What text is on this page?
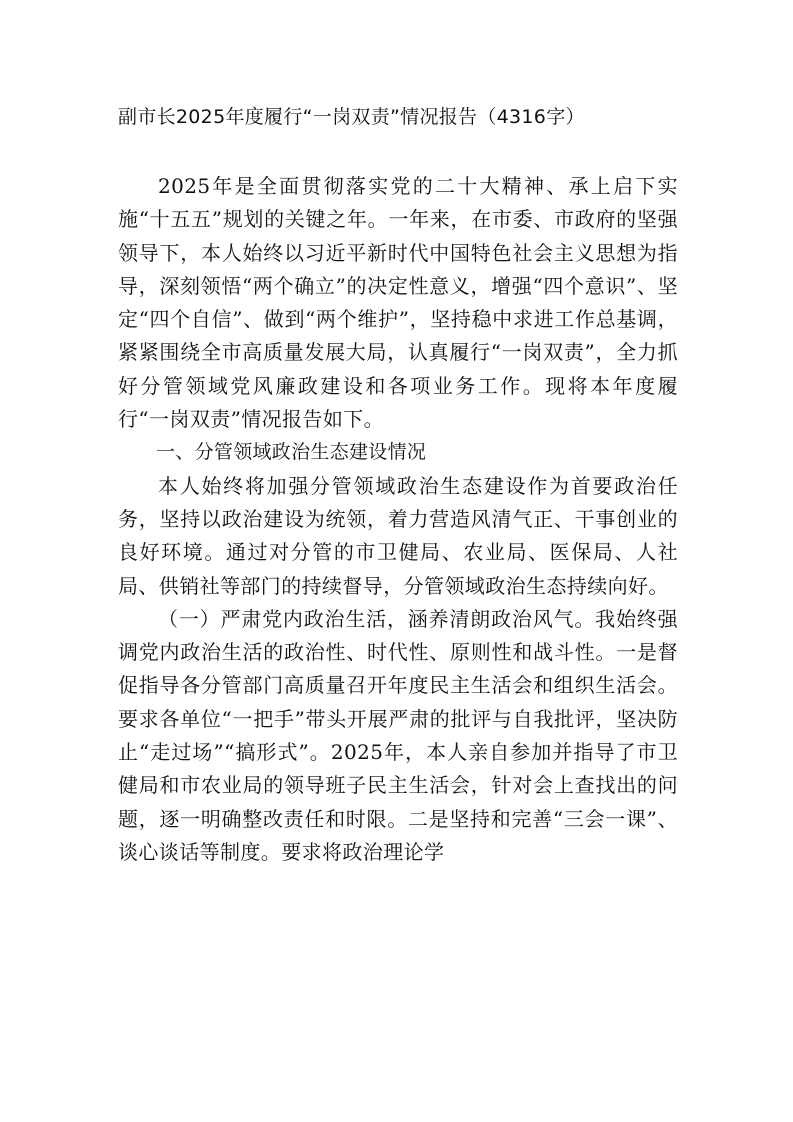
副市长2025年度履行“一岗双责”情况报告（4316字）

2025年是全面贯彻落实党的二十大精神、承上启下实施“十五五”规划的关键之年。一年来，在市委、市政府的坚强领导下，本人始终以习近平新时代中国特色社会主义思想为指导，深刻领悟“两个确立”的决定性意义，增强“四个意识”、坚定“四个自信”、做到“两个维护”，坚持稳中求进工作总基调，紧紧围绕全市高质量发展大局，认真履行“一岗双责”，全力抓好分管领域党风廉政建设和各项业务工作。现将本年度履行“一岗双责”情况报告如下。

一、分管领域政治生态建设情况

本人始终将加强分管领域政治生态建设作为首要政治任务，坚持以政治建设为统领，着力营造风清气正、干事创业的良好环境。通过对分管的市卫健局、农业局、医保局、人社局、供销社等部门的持续督导，分管领域政治生态持续向好。

（一）严肃党内政治生活，涵养清朗政治风气。我始终强调党内政治生活的政治性、时代性、原则性和战斗性。一是督促指导各分管部门高质量召开年度民主生活会和组织生活会。要求各单位“一把手”带头开展严肃的批评与自我批评，坚决防止“走过场”“搞形式”。2025年，本人亲自参加并指导了市卫健局和市农业局的领导班子民主生活会，针对会上查找出的问题，逐一明确整改责任和时限。二是坚持和完善“三会一课”、谈心谈话等制度。要求将政治理论学
